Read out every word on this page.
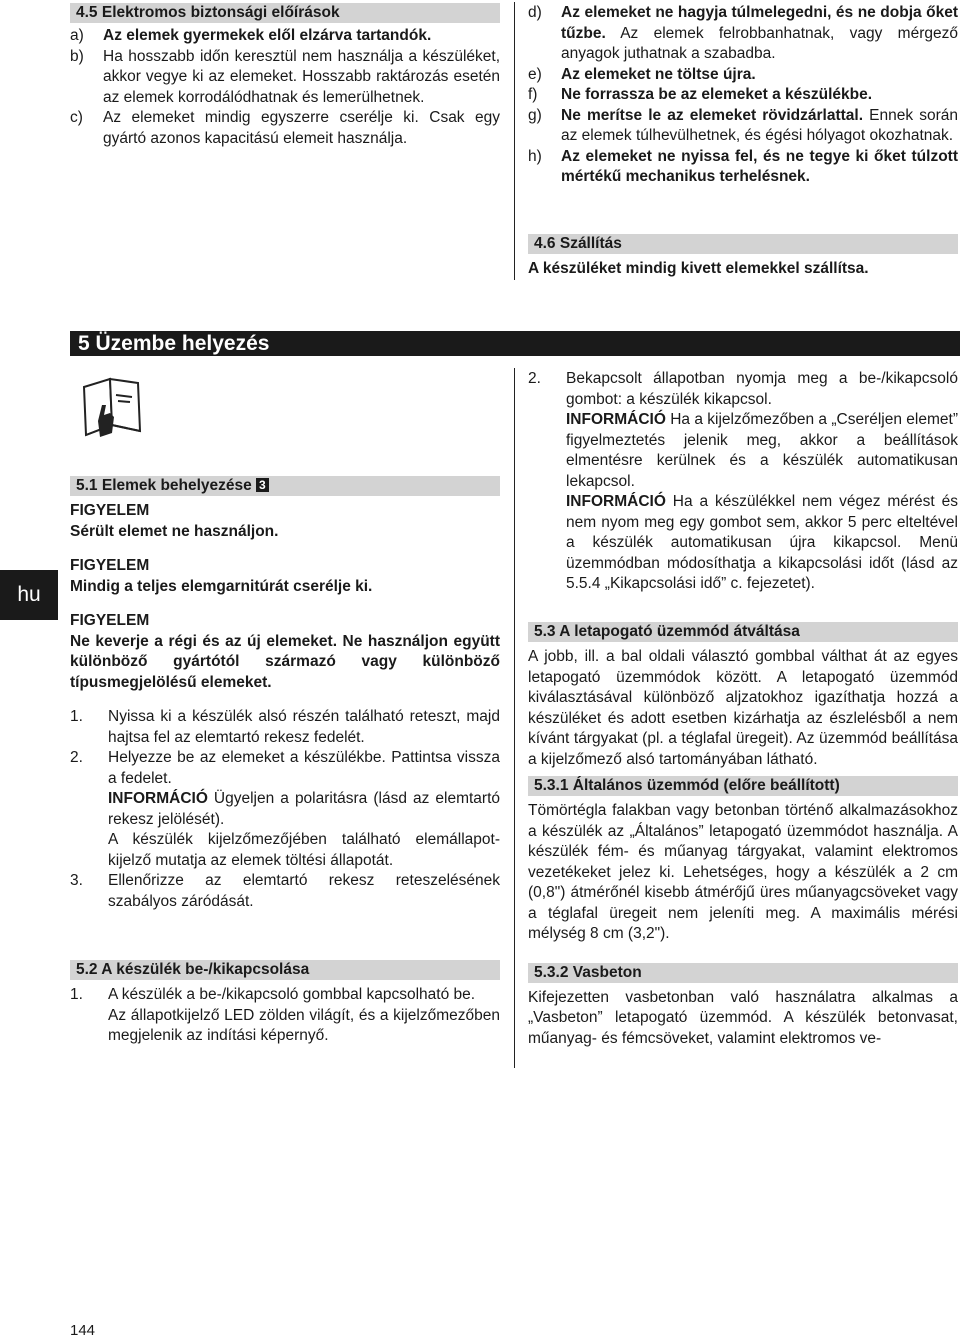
4.5 Elektromos biztonsági előírások
a)	Az elemek gyermekek elől elzárva tartandók.
b)	Ha hosszabb időn keresztül nem használja a készüléket, akkor vegye ki az elemeket. Hosszabb raktározás esetén az elemek korrodálódhatnak és lemerülhetnek.
c)	Az elemeket mindig egyszerre cserélje ki. Csak egy gyártó azonos kapacitású elemeit használja.
d)	Az elemeket ne hagyja túlmelegedni, és ne dobja őket tűzbe. Az elemek felrobbanhatnak, vagy mérgező anyagok juthatnak a szabadba.
e)	Az elemeket ne töltse újra.
f)	Ne forrassza be az elemeket a készülékbe.
g)	Ne merítse le az elemeket rövidzárlattal. Ennek során az elemek túlhevülhetnek, és égési hólyagot okozhatnak.
h)	Az elemeket ne nyissa fel, és ne tegye ki őket túlzott mértékű mechanikus terhelésnek.
4.6 Szállítás
A készüléket mindig kivett elemekkel szállítsa.
5 Üzembe helyezés
hu
5.1 Elemek behelyezése 3
FIGYELEM
Sérült elemet ne használjon.
FIGYELEM
Mindig a teljes elemgarnitúrát cserélje ki.
FIGYELEM
Ne keverje a régi és az új elemeket. Ne használjon együtt különböző gyártótól származó vagy különböző típusmegjelölésű elemeket.
1.	Nyissa ki a készülék alsó részén található reteszt, majd hajtsa fel az elemtartó rekesz fedelét.
2.	Helyezze be az elemeket a készülékbe. Pattintsa vissza a fedelet.
INFORMÁCIÓ Ügyeljen a polaritásra (lásd az elemtartó rekesz jelölését).
A készülék kijelzőmezőjében található elemállapot-kijelző mutatja az elemek töltési állapotát.
3.	Ellenőrizze az elemtartó rekesz reteszelésének szabályos záródását.
5.2 A készülék be-/kikapcsolása
1.	A készülék a be-/kikapcsoló gombbal kapcsolható be.
Az állapotkijelző LED zölden világít, és a kijelzőmezőben megjelenik az indítási képernyő.
2.	Bekapcsolt állapotban nyomja meg a be-/kikapcsoló gombot: a készülék kikapcsol.
INFORMÁCIÓ Ha a kijelzőmezőben a „Cseréljen elemet” figyelmeztetés jelenik meg, akkor a beállítások elmentésre kerülnek és a készülék automatikusan lekapcsol.
INFORMÁCIÓ Ha a készülékkel nem végez mérést és nem nyom meg egy gombot sem, akkor 5 perc elteltével a készülék automatikusan újra kikapcsol. Menü üzemmódban módosíthatja a kikapcsolási időt (lásd az 5.5.4 „Kikapcsolási idő” c. fejezetet).
5.3 A letapogató üzemmód átváltása
A jobb, ill. a bal oldali választó gombbal válthat át az egyes letapogató üzemmódok között. A letapogató üzemmód kiválasztásával különböző aljzatokhoz igazíthatja hozzá a készüléket és adott esetben kizárhatja az észlelésből a nem kívánt tárgyakat (pl. a téglafal üregeit). Az üzemmód beállítása a kijelzőmező alsó tartományában látható.
5.3.1 Általános üzemmód (előre beállított)
Tömörtégla falakban vagy betonban történő alkalmazásokhoz a készülék az „Általános” letapogató üzemmódot használja. A készülék fém- és műanyag tárgyakat, valamint elektromos vezetékeket jelez ki. Lehetséges, hogy a készülék a 2 cm (0,8") átmérőnél kisebb átmérőjű üres műanyagcsöveket vagy a téglafal üregeit nem jeleníti meg. A maximális mérési mélység 8 cm (3,2").
5.3.2 Vasbeton
Kifejezetten vasbetonban való használatra alkalmas a „Vasbeton” letapogató üzemmód. A készülék betonvasat, műanyag- és fémcsöveket, valamint elektromos ve-
144
